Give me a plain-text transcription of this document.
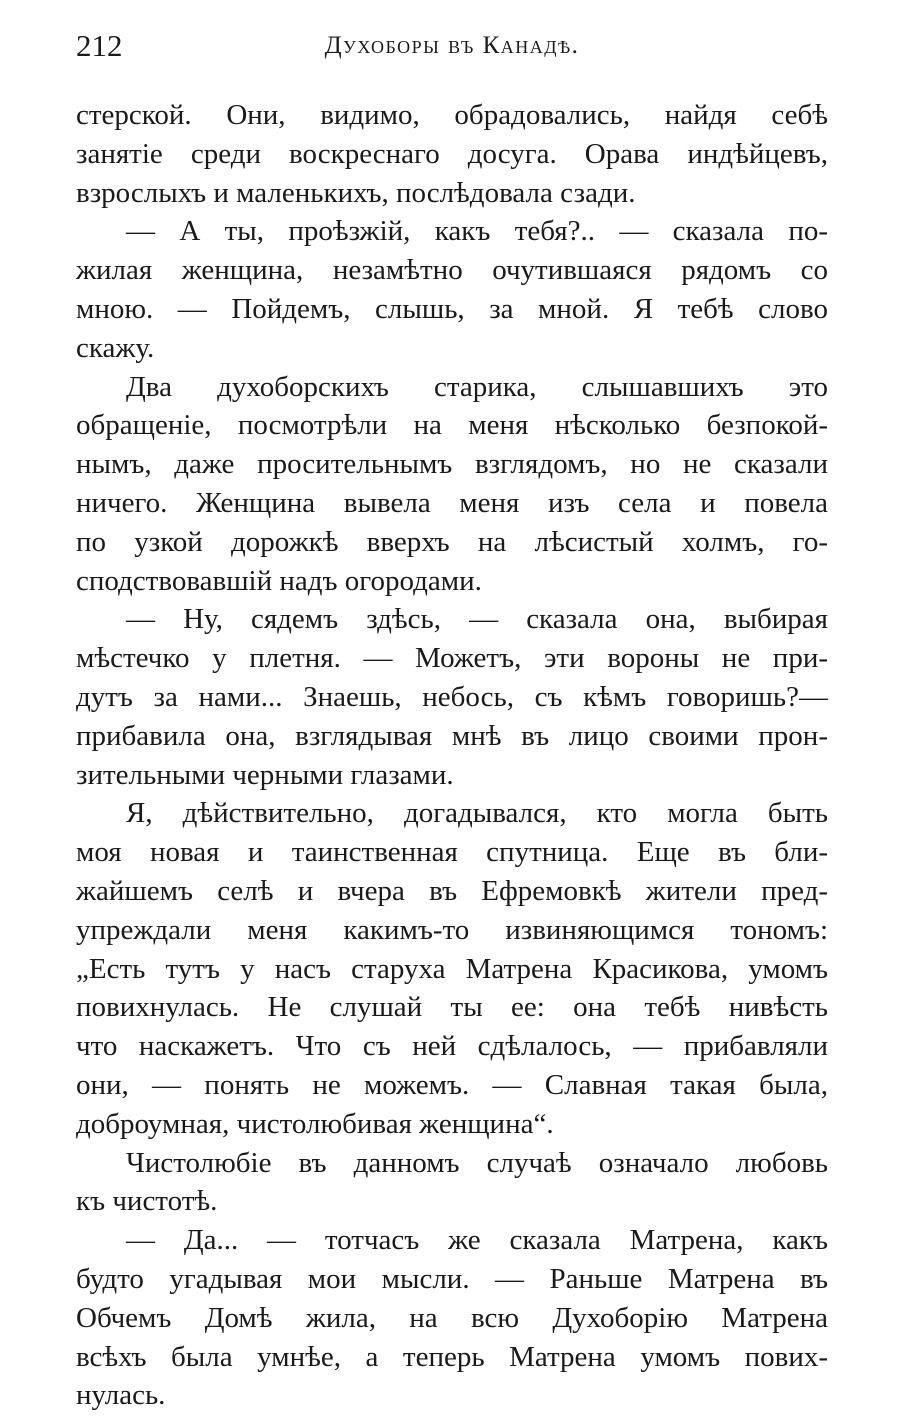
212	Духоборы въ Канадѣ.

стерской. Они, видимо, обрадовались, найдя себѣ
занятіе среди воскреснаго досуга. Орава индѣйцевъ,
взрослыхъ и маленькихъ, послѣдовала сзади.

— А ты, проѣзжій, какъ тебя?.. — сказала по-
жилая женщина, незамѣтно очутившаяся рядомъ со
мною. — Пойдемъ, слышь, за мной. Я тебѣ слово
скажу.

Два духоборскихъ старика, слышавшихъ это
обращеніе, посмотрѣли на меня нѣсколько безпокой-
нымъ, даже просительнымъ взглядомъ, но не сказали
ничего. Женщина вывела меня изъ села и повела
по узкой дорожкѣ вверхъ на лѣсистый холмъ, го-
сподствовавшій надъ огородами.

— Ну, сядемъ здѣсь, — сказала она, выбирая
мѣстечко у плетня. — Можетъ, эти вороны не при-
дутъ за нами... Знаешь, небось, съ кѣмъ говоришь?—
прибавила она, взглядывая мнѣ въ лицо своими прон-
зительными черными глазами.

Я, дѣйствительно, догадывался, кто могла быть
моя новая и таинственная спутница. Еще въ бли-
жайшемъ селѣ и вчера въ Ефремовкѣ жители пред-
упреждали меня какимъ-то извиняющимся тономъ:
„Есть тутъ у насъ старуха Матрена Красикова, умомъ
повихнулась. Не слушай ты ее: она тебѣ нивѣсть
что наскажетъ. Что съ ней сдѣлалось, — прибавляли
они, — понять не можемъ. — Славная такая была,
доброумная, чистолюбивая женщина“.

Чистолюбіе въ данномъ случаѣ означало любовь
къ чистотѣ.

— Да... — тотчасъ же сказала Матрена, какъ
будто угадывая мои мысли. — Раньше Матрена въ
Обчемъ Домѣ жила, на всю Духоборію Матрена
всѣхъ была умнѣе, а теперь Матрена умомъ пових-
нулась.
